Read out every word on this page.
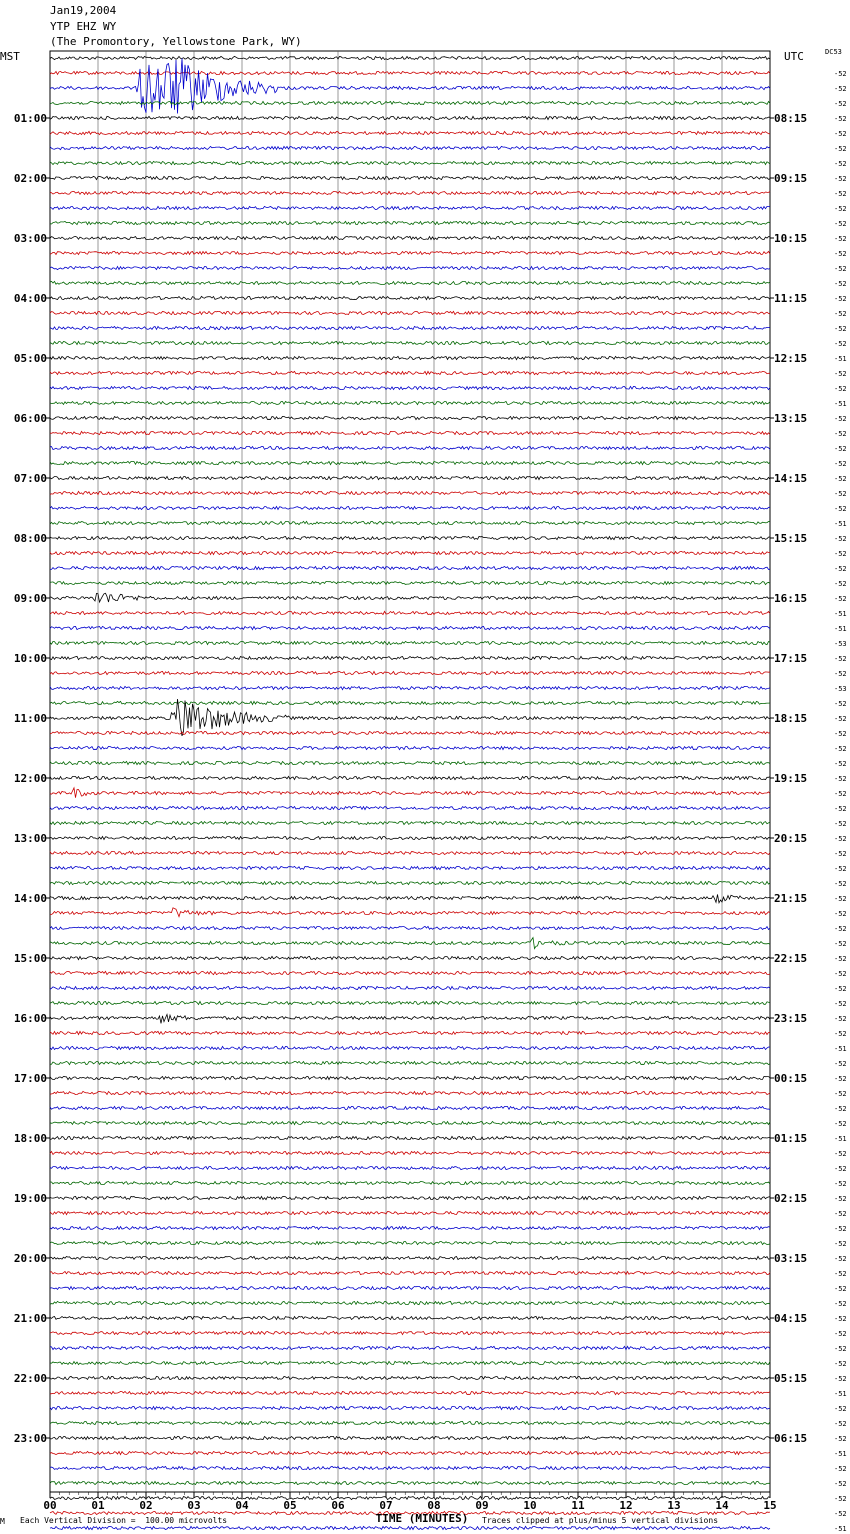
Jan19,2004
YTP EHZ WY
(The Promontory, Yellowstone Park, WY)
MST	UTC	DC53
01:00
02:00
03:00
04:00
05:00
06:00
07:00
08:00
09:00
10:00
11:00
12:00
13:00
14:00
15:00
16:00
17:00
18:00
19:00
20:00
21:00
22:00
23:00
08:15
09:15
10:15
11:15
12:15
13:15
14:15
15:15
16:15
17:15
18:15
19:15
20:15
21:15
22:15
23:15
00:15
01:15
02:15
03:15
04:15
05:15
06:15
-52
-52
-52
-52
-52
-52
-52
-52
-52
-52
-52
-52
-52
-52
-52
-52
-52
-52
-52
-51
-52
-52
-51
-52
-52
-52
-52
-52
-52
-52
-51
-52
-52
-52
-52
-52
-51
-51
-53
-52
-52
-53
-52
-52
-52
-52
-52
-52
-52
-52
-52
-52
-52
-52
-52
-52
-52
-52
-52
-52
-52
-52
-52
-52
-52
-51
-52
-52
-52
-52
-52
-51
-52
-52
-52
-52
-52
-52
-52
-52
-52
-52
-52
-52
-52
-52
-52
-52
-51
-52
-52
-52
-51
-52
-52
-52
-52
-51
00	01	02	03	04	05	06	07	08	09	10	11	12	13	14	15
TIME (MINUTES)
M Each Vertical Division =  100.00 microvolts	Traces clipped at plus/minus 5 vertical divisions
